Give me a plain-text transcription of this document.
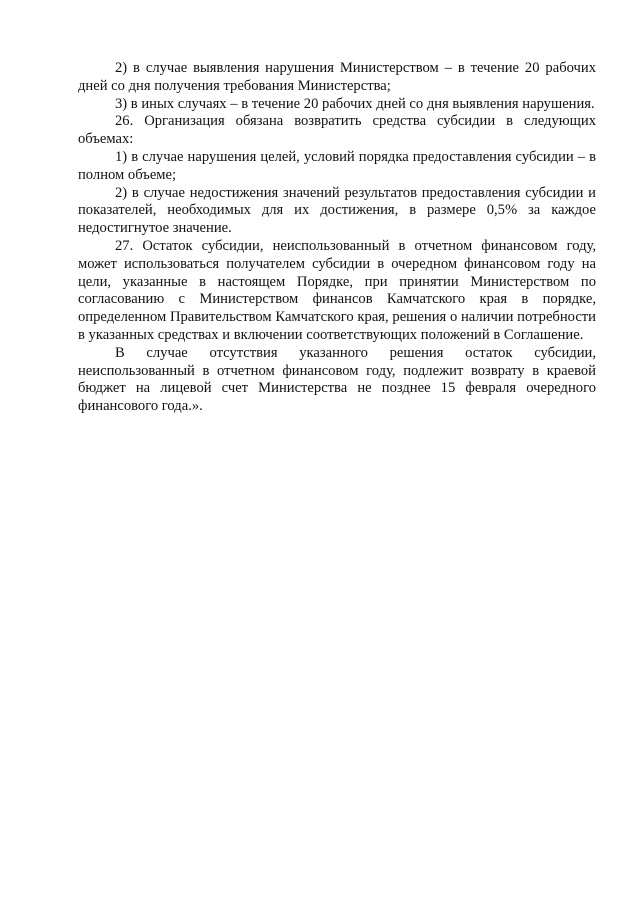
2) в случае выявления нарушения Министерством – в течение 20 рабочих дней со дня получения требования Министерства;

3) в иных случаях – в течение 20 рабочих дней со дня выявления нарушения.

26. Организация обязана возвратить средства субсидии в следующих объемах:

1) в случае нарушения целей, условий порядка предоставления субсидии – в полном объеме;

2) в случае недостижения значений результатов предоставления субсидии и показателей, необходимых для их достижения, в размере 0,5% за каждое недостигнутое значение.

27. Остаток субсидии, неиспользованный в отчетном финансовом году, может использоваться получателем субсидии в очередном финансовом году на цели, указанные в настоящем Порядке, при принятии Министерством по согласованию с Министерством финансов Камчатского края в порядке, определенном Правительством Камчатского края, решения о наличии потребности в указанных средствах и включении соответствующих положений в Соглашение.

В случае отсутствия указанного решения остаток субсидии, неиспользованный в отчетном финансовом году, подлежит возврату в краевой бюджет на лицевой счет Министерства не позднее 15 февраля очередного финансового года.».
